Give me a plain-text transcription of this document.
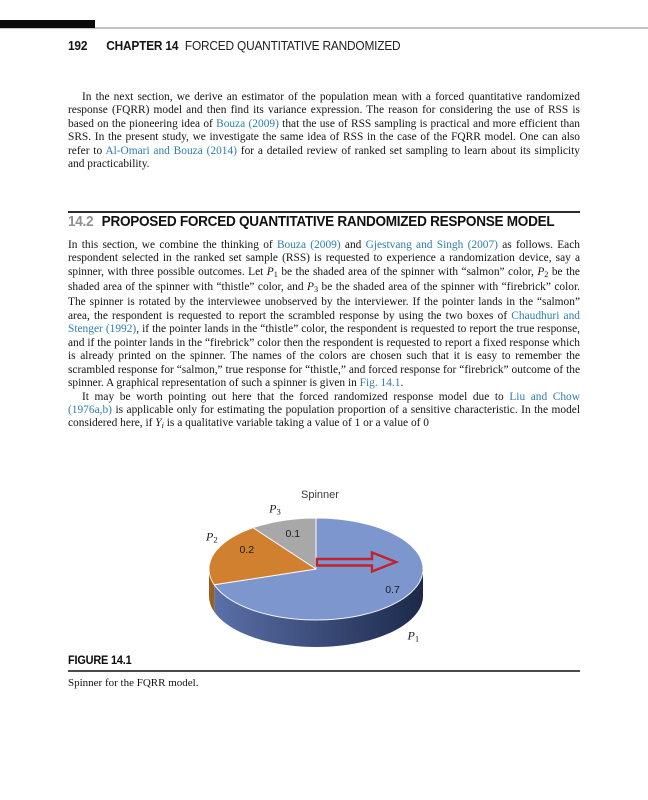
192 CHAPTER 14 FORCED QUANTITATIVE RANDOMIZED

In the next section, we derive an estimator of the population mean with a forced quantitative randomized response (FQRR) model and then find its variance expression. The reason for considering the use of RSS is based on the pioneering idea of Bouza (2009) that the use of RSS sampling is practical and more efficient than SRS. In the present study, we investigate the same idea of RSS in the case of the FQRR model. One can also refer to Al-Omari and Bouza (2014) for a detailed review of ranked set sampling to learn about its simplicity and practicability.

14.2 PROPOSED FORCED QUANTITATIVE RANDOMIZED RESPONSE MODEL

In this section, we combine the thinking of Bouza (2009) and Gjestvang and Singh (2007) as follows. Each respondent selected in the ranked set sample (RSS) is requested to experience a randomization device, say a spinner, with three possible outcomes. Let $P_1$ be the shaded area of the spinner with “salmon” color, $P_2$ be the shaded area of the spinner with “thistle” color, and $P_3$ be the shaded area of the spinner with “firebrick” color. The spinner is rotated by the interviewee unobserved by the interviewer. If the pointer lands in the “salmon” area, the respondent is requested to report the scrambled response by using the two boxes of Chaudhuri and Stenger (1992), if the pointer lands in the “thistle” color, the respondent is requested to report the true response, and if the pointer lands in the “firebrick” color then the respondent is requested to report a fixed response which is already printed on the spinner. The names of the colors are chosen such that it is easy to remember the scrambled response for “salmon,” true response for “thistle,” and forced response for “firebrick” outcome of the spinner. A graphical representation of such a spinner is given in Fig. 14.1.

It may be worth pointing out here that the forced randomized response model due to Liu and Chow (1976a,b) is applicable only for estimating the population proportion of a sensitive characteristic. In the model considered here, if $Y_i$ is a qualitative variable taking a value of 1 or a value of 0

Spinner
0.7
$P_1$
0.2
$P_2$	0.1
$P_3$
FIGURE 14.1
Spinner for the FQRR model.
